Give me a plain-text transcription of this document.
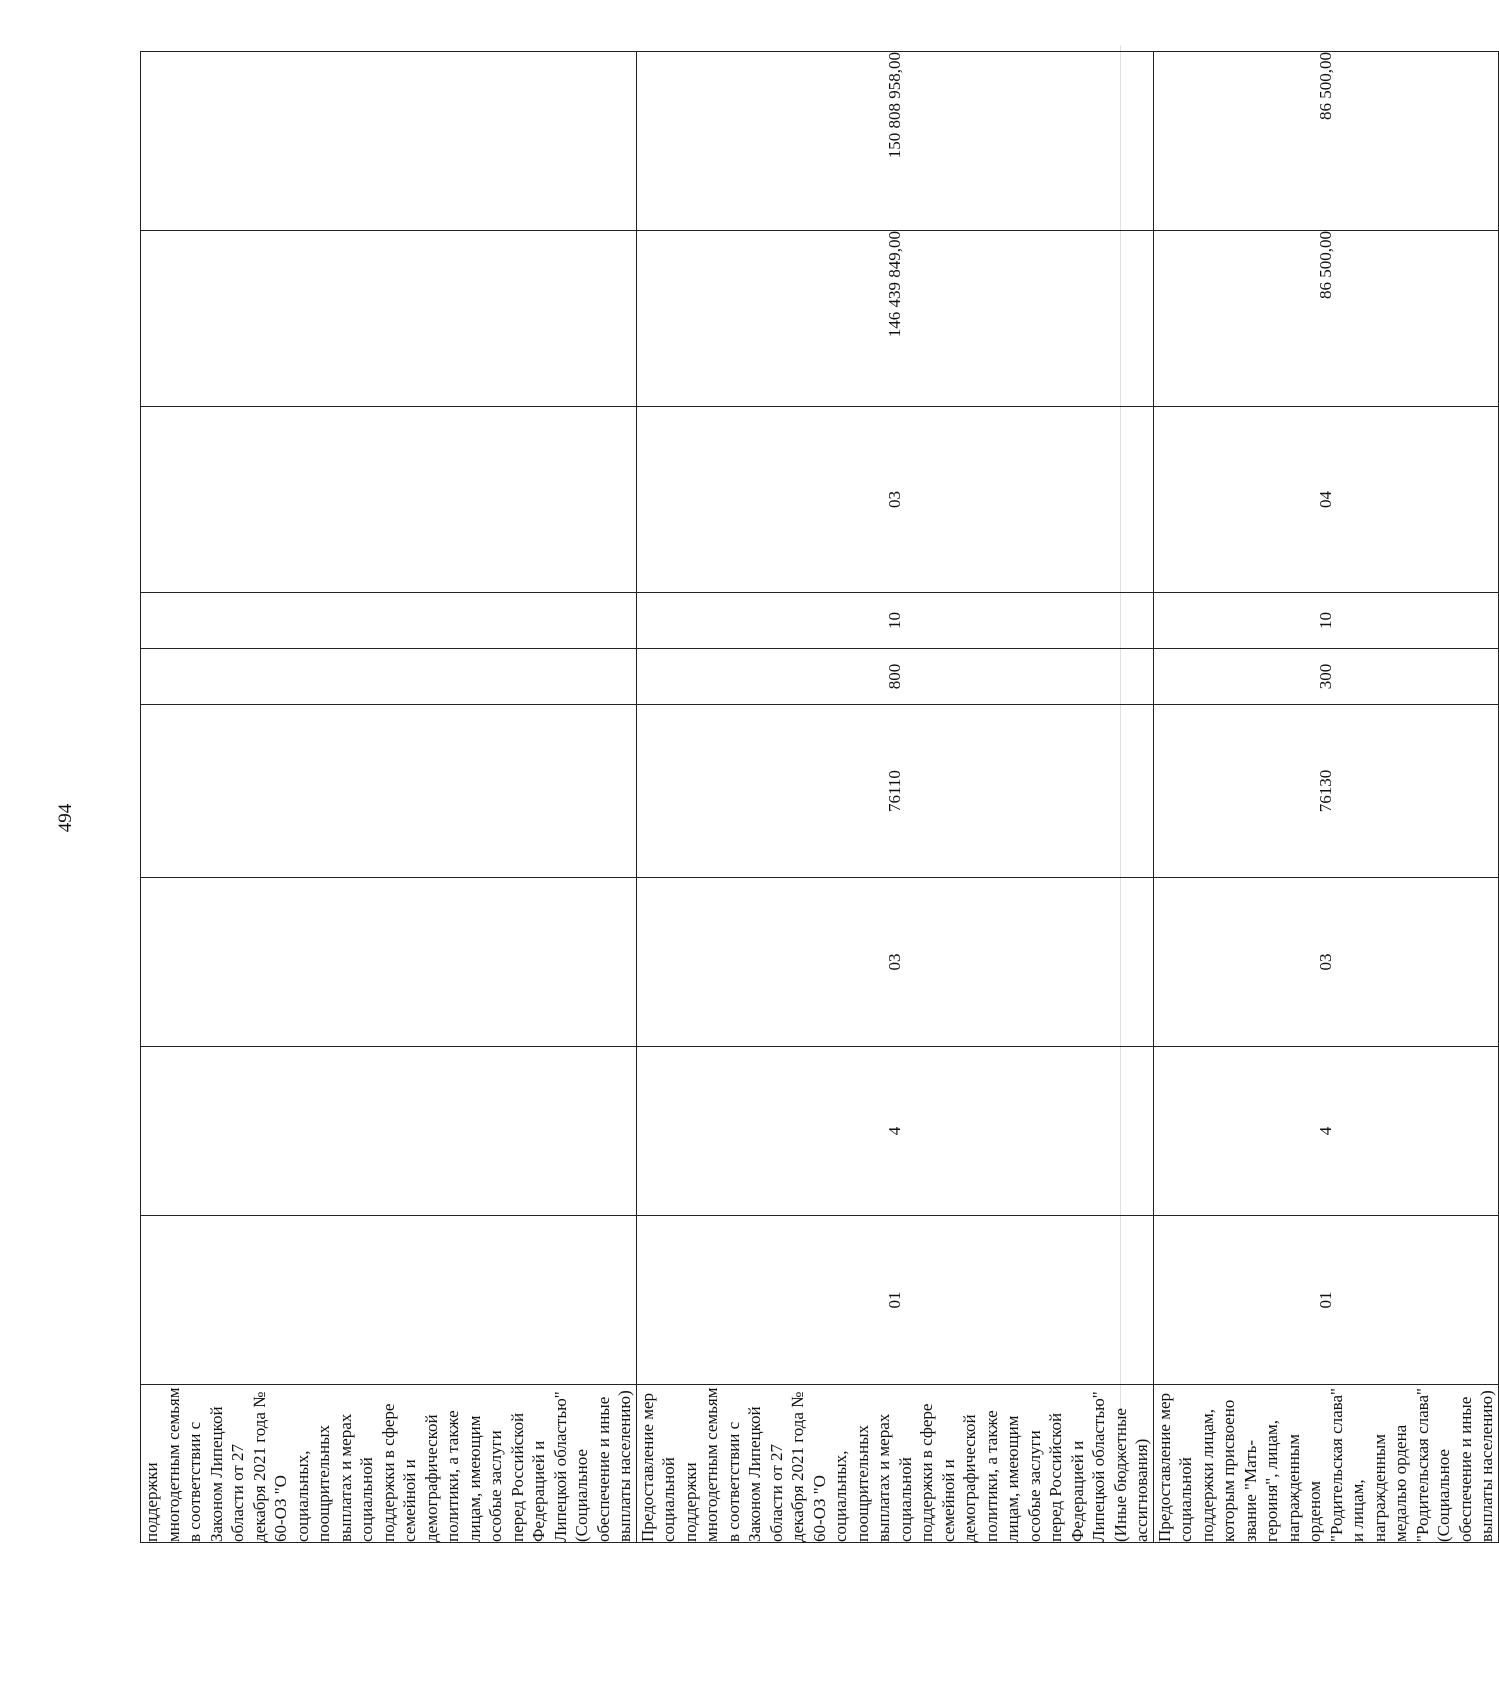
494
поддержки многодетным семьям в соответствии с Законом Липецкой области от 27 декабря 2021 года № 60-ОЗ "О социальных, поощрительных выплатах и мерах социальной поддержки в сфере семейной и демографической политики, а также лицам, имеющим особые заслуги перед Российской Федерацией и Липецкой областью" (Социальное обеспечение и иные выплаты населению)										
Предоставление мер социальной поддержки многодетным семьям в соответствии с Законом Липецкой области от 27 декабря 2021 года № 60-ОЗ "О социальных, поощрительных выплатах и мерах социальной поддержки в сфере семейной и демографической политики, а также лицам, имеющим особые заслуги перед Российской Федерацией и Липецкой областью" (Иные бюджетные ассигнования)	01	4	03	76110	800	10	03	146 439 849,00	150 808 958,00	
Предоставление мер социальной поддержки лицам, которым присвоено звание "Мать-героиня", лицам, награжденным орденом "Родительская слава" и лицам, награжденным медалью ордена "Родительская слава" (Социальное обеспечение и иные выплаты населению)	01	4	03	76130	300	10	04	86 500,00	86 500,00	
